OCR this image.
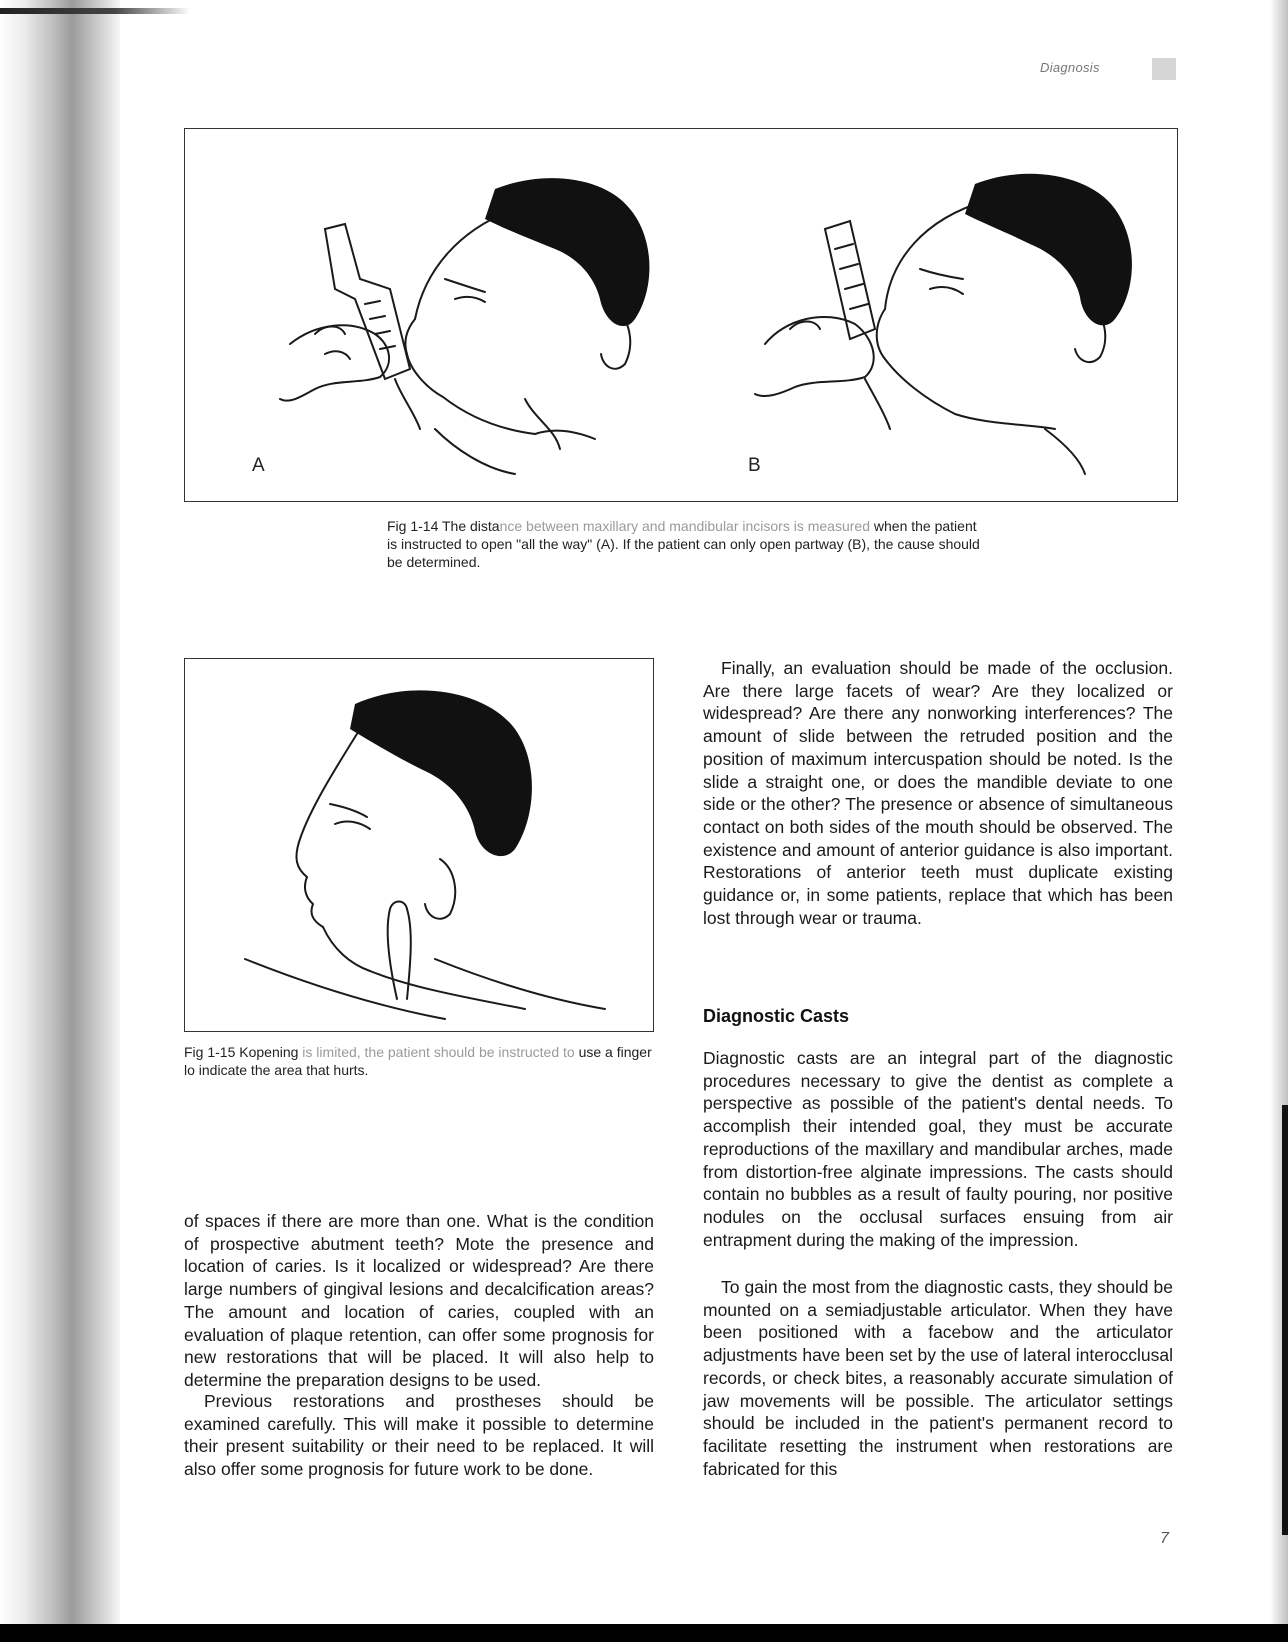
Diagnosis
A	B
Fig 1-14 The distance between maxillary and mandibular incisors is measured when the patient is instructed to open "all the way" (A). If the patient can only open partway (B), the cause should be determined.
Fig 1-15 Kopening is limited, the patient should be instructed to use a finger lo indicate the area that hurts.

Finally, an evaluation should be made of the occlusion. Are there large facets of wear? Are they localized or widespread? Are there any nonworking interferences? The amount of slide between the retruded position and the position of maximum intercuspation should be noted. Is the slide a straight one, or does the mandible deviate to one side or the other? The presence or absence of simultaneous contact on both sides of the mouth should be observed. The existence and amount of anterior guidance is also important. Restorations of anterior teeth must duplicate existing guidance or, in some patients, replace that which has been lost through wear or trauma.

Diagnostic Casts

Diagnostic casts are an integral part of the diagnostic procedures necessary to give the dentist as complete a perspective as possible of the patient's dental needs. To accomplish their intended goal, they must be accurate reproductions of the maxillary and mandibular arches, made from distortion-free alginate impressions. The casts should contain no bubbles as a result of faulty pouring, nor positive nodules on the occlusal surfaces ensuing from air entrapment during the making of the impression.

To gain the most from the diagnostic casts, they should be mounted on a semiadjustable articulator. When they have been positioned with a facebow and the articulator adjustments have been set by the use of lateral interocclusal records, or check bites, a reasonably accurate simulation of jaw movements will be possible. The articulator settings should be included in the patient's permanent record to facilitate resetting the instrument when restorations are fabricated for this

of spaces if there are more than one. What is the condition of prospective abutment teeth? Mote the presence and location of caries. Is it localized or widespread? Are there large numbers of gingival lesions and decalcification areas? The amount and location of caries, coupled with an evaluation of plaque retention, can offer some prognosis for new restorations that will be placed. It will also help to determine the preparation designs to be used.

Previous restorations and prostheses should be examined carefully. This will make it possible to determine their present suitability or their need to be replaced. It will also offer some prognosis for future work to be done.

7
